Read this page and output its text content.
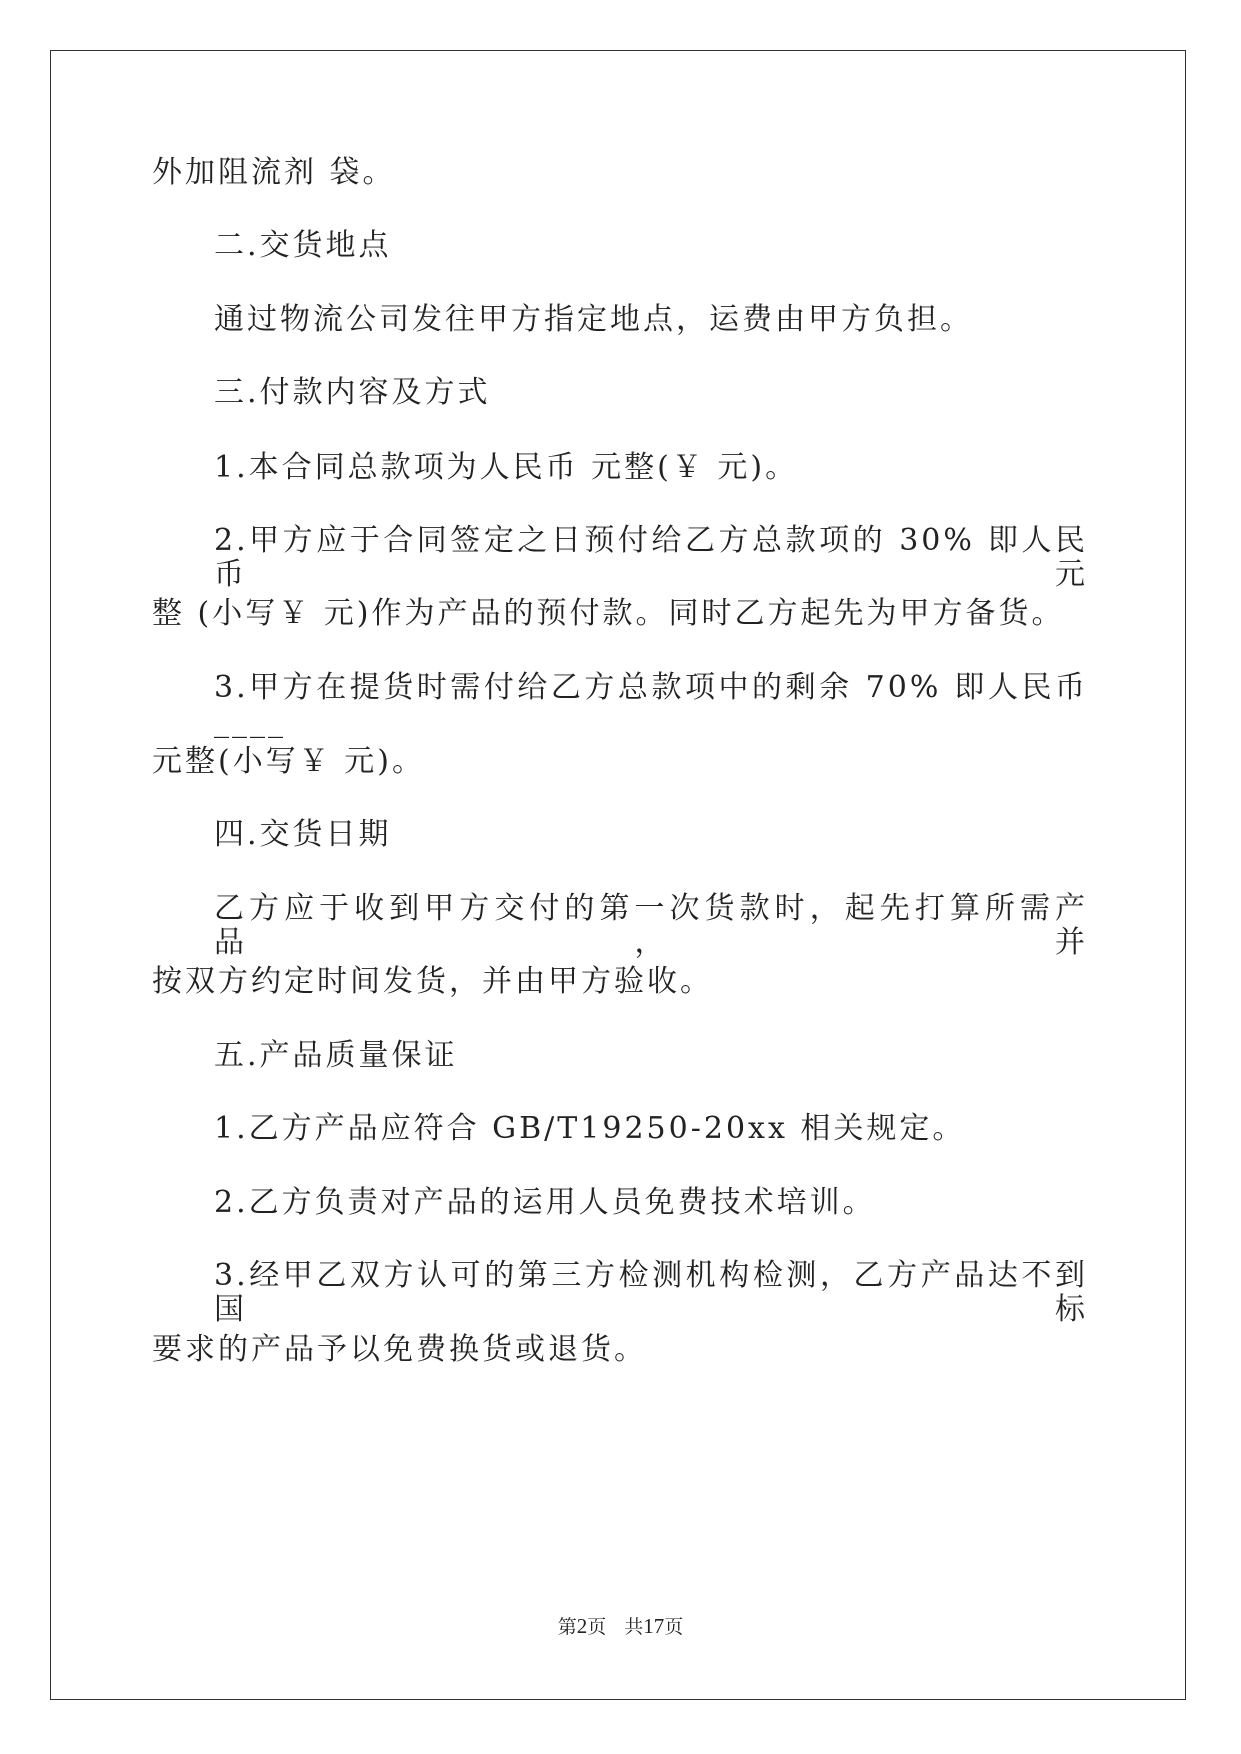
外加阻流剂 袋。
二.交货地点
通过物流公司发往甲方指定地点，运费由甲方负担。
三.付款内容及方式
1.本合同总款项为人民币 元整(￥ 元)。
2.甲方应于合同签定之日预付给乙方总款项的 30% 即人民币 元
整 (小写￥ 元)作为产品的预付款。同时乙方起先为甲方备货。
3.甲方在提货时需付给乙方总款项中的剩余 70% 即人民币 ____
元整(小写￥ 元)。
四.交货日期
乙方应于收到甲方交付的第一次货款时，起先打算所需产品，并
按双方约定时间发货，并由甲方验收。
五.产品质量保证
1.乙方产品应符合 GB/T19250-20xx 相关规定。
2.乙方负责对产品的运用人员免费技术培训。
3.经甲乙双方认可的第三方检测机构检测，乙方产品达不到国标
要求的产品予以免费换货或退货。
第2页 共17页
